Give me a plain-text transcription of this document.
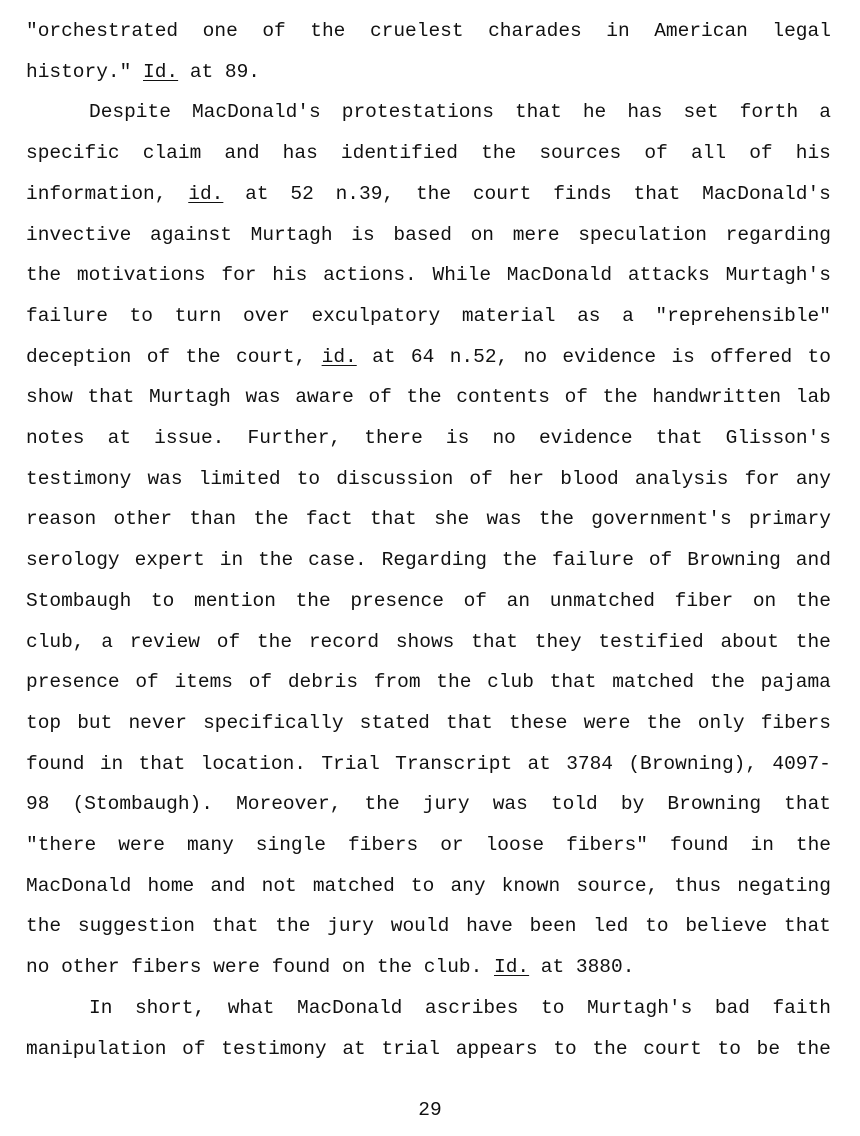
"orchestrated one of the cruelest charades in American legal
history." Id. at 89.
Despite MacDonald's protestations that he has set forth a
specific claim and has identified the sources of all of his
information, id. at 52 n.39, the court finds that MacDonald's
invective against Murtagh is based on mere speculation regarding
the motivations for his actions. While MacDonald attacks Murtagh's
failure to turn over exculpatory material as a "reprehensible"
deception of the court, id. at 64 n.52, no evidence is offered to
show that Murtagh was aware of the contents of the handwritten lab
notes at issue. Further, there is no evidence that Glisson's
testimony was limited to discussion of her blood analysis for any
reason other than the fact that she was the government's primary
serology expert in the case. Regarding the failure of Browning and
Stombaugh to mention the presence of an unmatched fiber on the
club, a review of the record shows that they testified about the
presence of items of debris from the club that matched the pajama
top but never specifically stated that these were the only fibers
found in that location. Trial Transcript at 3784 (Browning), 4097-
98 (Stombaugh). Moreover, the jury was told by Browning that
"there were many single fibers or loose fibers" found in the
MacDonald home and not matched to any known source, thus negating
the suggestion that the jury would have been led to believe that
no other fibers were found on the club. Id. at 3880.
In short, what MacDonald ascribes to Murtagh's bad faith
manipulation of testimony at trial appears to the court to be the
29
